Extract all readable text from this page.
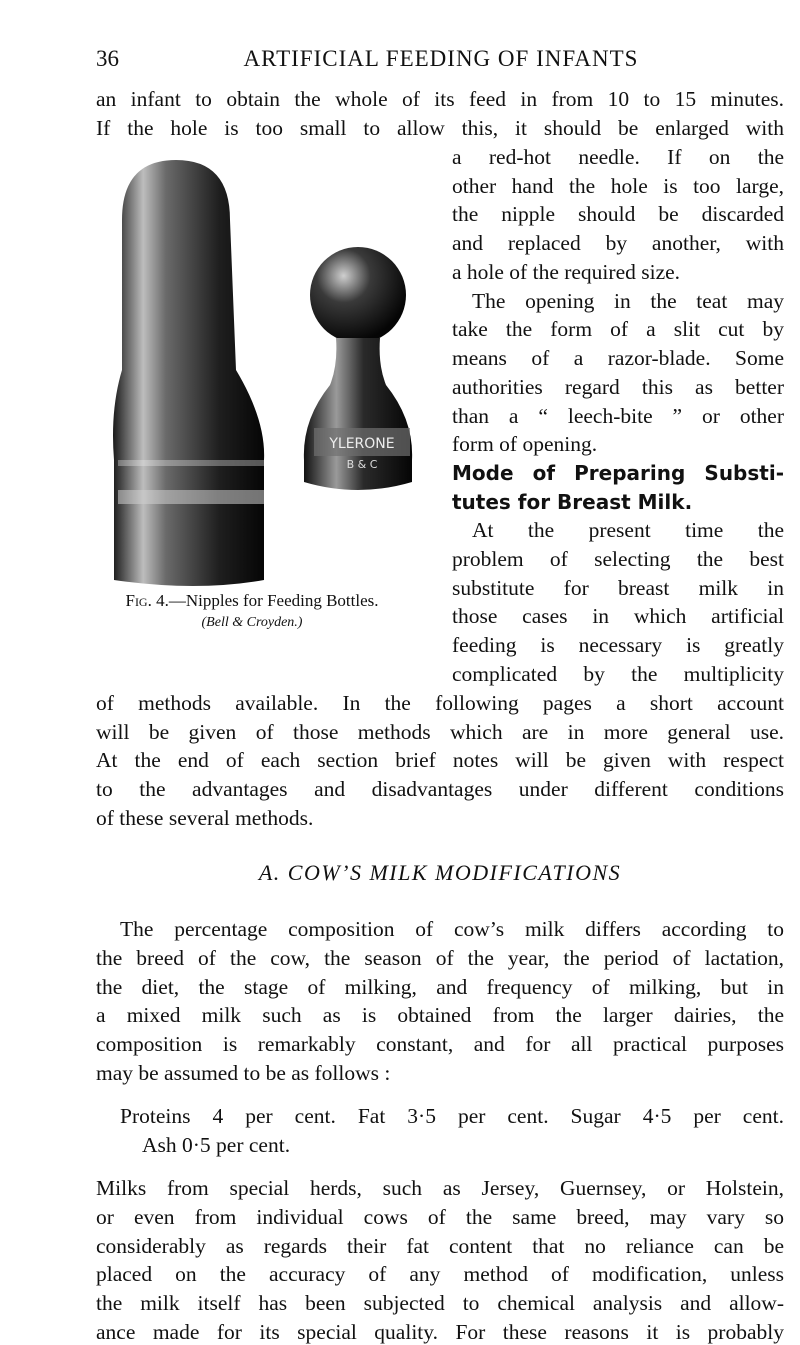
36	ARTIFICIAL FEEDING OF INFANTS
an infant to obtain the whole of its feed in from 10 to 15 minutes.
If the hole is too small to allow this, it should be enlarged with
a red-hot needle. If on the
other hand the hole is too large,
the nipple should be discarded
and replaced by another, with
a hole of the required size.
The opening in the teat may
take the form of a slit cut by
means of a razor-blade. Some
authorities regard this as better
than a “ leech-bite ” or other
form of opening.
Mode of Preparing Substi-
tutes for Breast Milk.
At the present time the
problem of selecting the best
substitute for breast milk in
those cases in which artificial
YLERONE
B & C
Fig. 4.—Nipples for Feeding Bottles.
(Bell & Croyden.)
feeding is necessary is greatly
complicated by the multiplicity
of methods available. In the following pages a short account
will be given of those methods which are in more general use.
At the end of each section brief notes will be given with respect
to the advantages and disadvantages under different conditions
of these several methods.
A. COW’S MILK MODIFICATIONS
The percentage composition of cow’s milk differs according to
the breed of the cow, the season of the year, the period of lactation,
the diet, the stage of milking, and frequency of milking, but in
a mixed milk such as is obtained from the larger dairies, the
composition is remarkably constant, and for all practical purposes
may be assumed to be as follows :
Proteins 4 per cent. Fat 3·5 per cent. Sugar 4·5 per cent.
Ash 0·5 per cent.
Milks from special herds, such as Jersey, Guernsey, or Holstein,
or even from individual cows of the same breed, may vary so
considerably as regards their fat content that no reliance can be
placed on the accuracy of any method of modification, unless
the milk itself has been subjected to chemical analysis and allow-
ance made for its special quality. For these reasons it is probably
